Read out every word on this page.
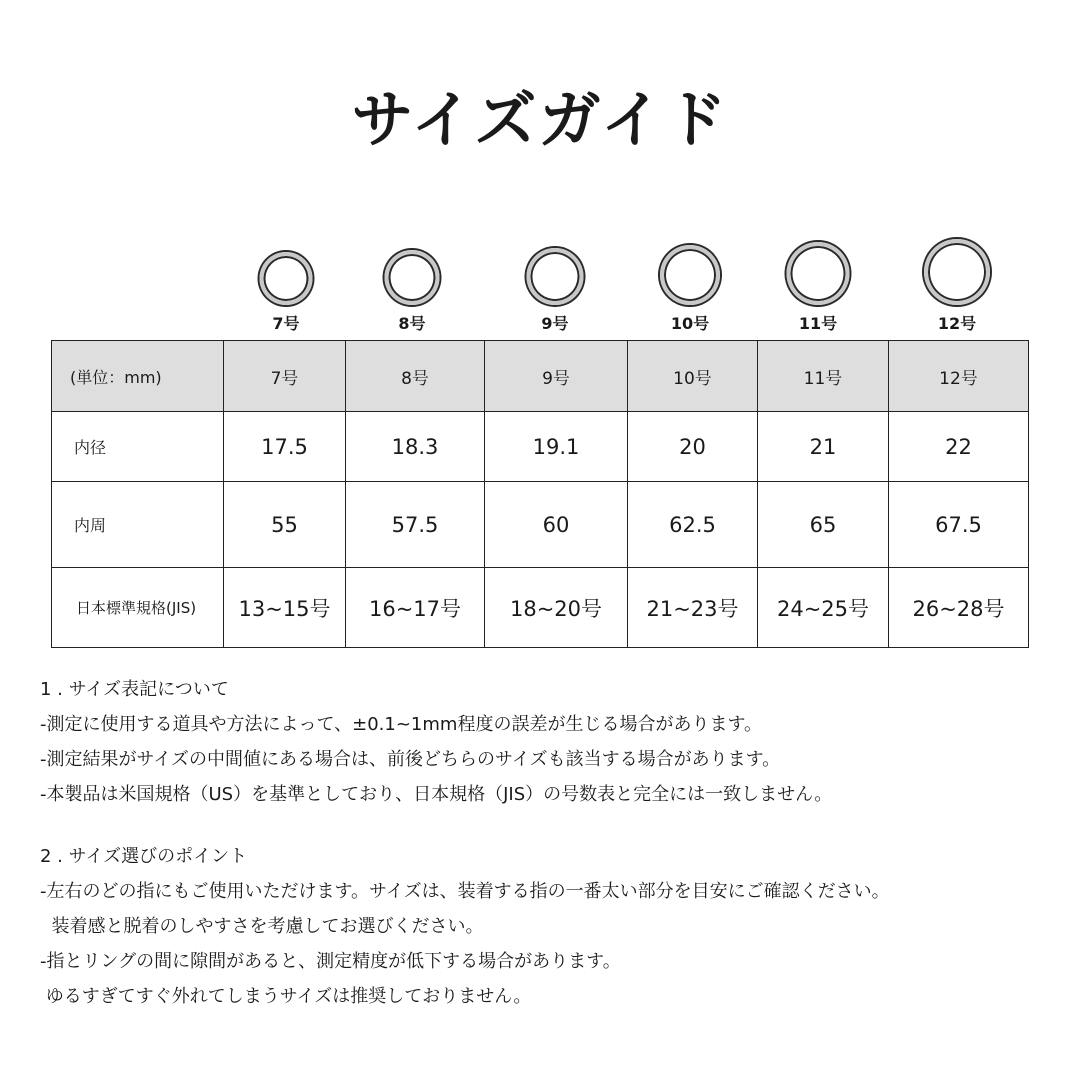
サイズガイド
7号	8号	9号	10号	11号	12号
(単位：mm)	7号	8号	9号	10号	11号	12号
内径	17.5	18.3	19.1	20	21	22
内周	55	57.5	60	62.5	65	67.5
日本標準規格(JIS)	13~15号	16~17号	18~20号	21~23号	24~25号	26~28号

1 . サイズ表記について

-測定に使用する道具や方法によって、±0.1~1mm程度の誤差が生じる場合があります。

-測定結果がサイズの中間値にある場合は、前後どちらのサイズも該当する場合があります。

-本製品は米国規格（US）を基準としており、日本規格（JIS）の号数表と完全には一致しません。

2 . サイズ選びのポイント

-左右のどの指にもご使用いただけます。サイズは、装着する指の一番太い部分を目安にご確認ください。

装着感と脱着のしやすさを考慮してお選びください。

-指とリングの間に隙間があると、測定精度が低下する場合があります。

ゆるすぎてすぐ外れてしまうサイズは推奨しておりません。
